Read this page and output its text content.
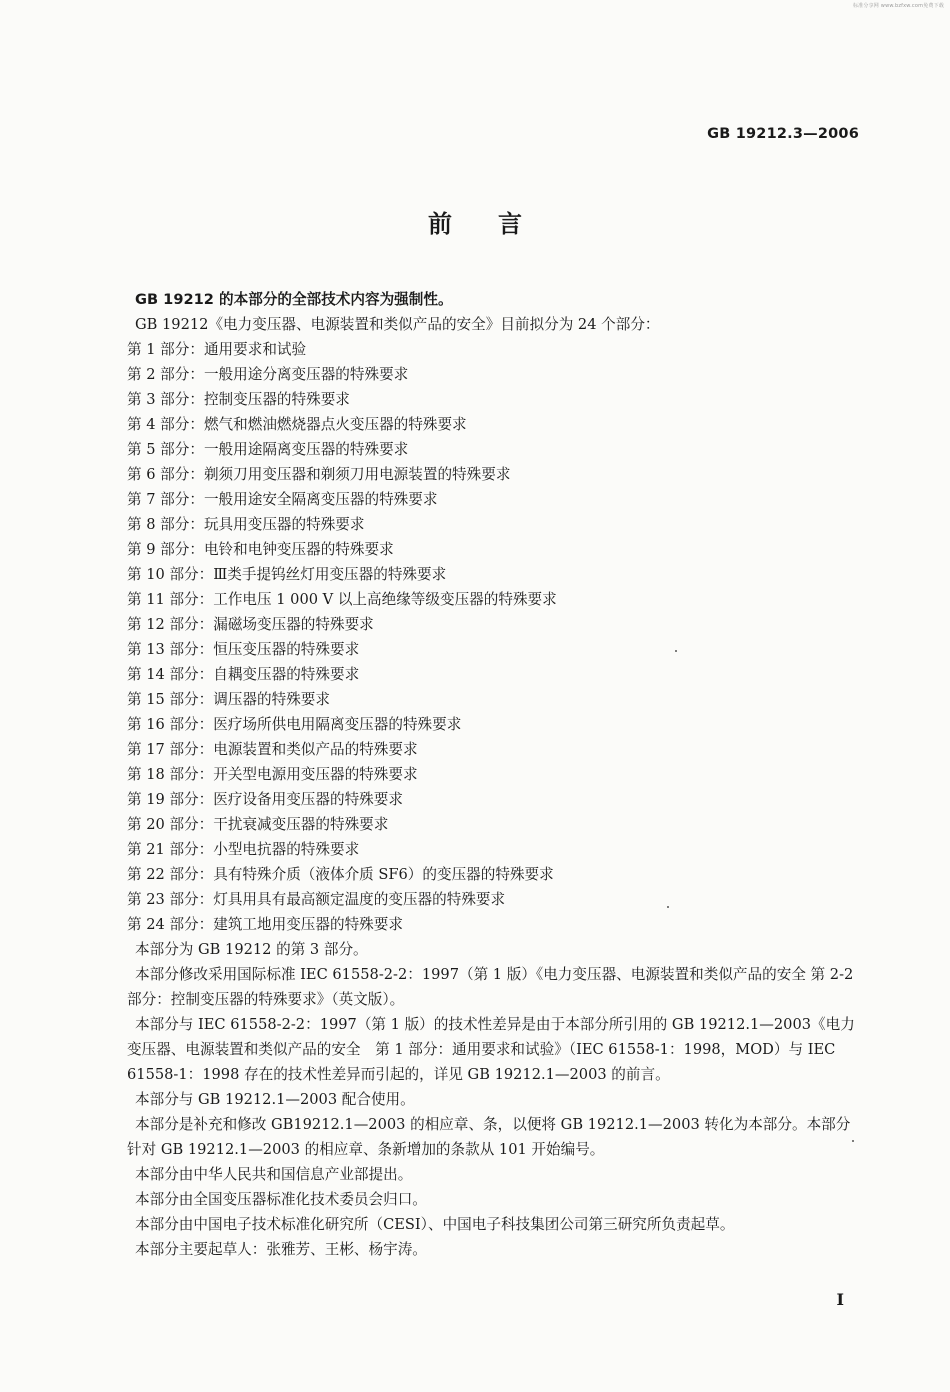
标准分享网 www.bzfxw.com免费下载
GB 19212.3—2006
前言

GB 19212 的本部分的全部技术内容为强制性。

GB 19212《电力变压器、电源装置和类似产品的安全》目前拟分为 24 个部分：

第 1 部分：通用要求和试验

第 2 部分：一般用途分离变压器的特殊要求

第 3 部分：控制变压器的特殊要求

第 4 部分：燃气和燃油燃烧器点火变压器的特殊要求

第 5 部分：一般用途隔离变压器的特殊要求

第 6 部分：剃须刀用变压器和剃须刀用电源装置的特殊要求

第 7 部分：一般用途安全隔离变压器的特殊要求

第 8 部分：玩具用变压器的特殊要求

第 9 部分：电铃和电钟变压器的特殊要求

第 10 部分：Ⅲ类手提钨丝灯用变压器的特殊要求

第 11 部分：工作电压 1 000 V 以上高绝缘等级变压器的特殊要求

第 12 部分：漏磁场变压器的特殊要求

第 13 部分：恒压变压器的特殊要求

第 14 部分：自耦变压器的特殊要求

第 15 部分：调压器的特殊要求

第 16 部分：医疗场所供电用隔离变压器的特殊要求

第 17 部分：电源装置和类似产品的特殊要求

第 18 部分：开关型电源用变压器的特殊要求

第 19 部分：医疗设备用变压器的特殊要求

第 20 部分：干扰衰减变压器的特殊要求

第 21 部分：小型电抗器的特殊要求

第 22 部分：具有特殊介质（液体介质 SF6）的变压器的特殊要求

第 23 部分：灯具用具有最高额定温度的变压器的特殊要求

第 24 部分：建筑工地用变压器的特殊要求

本部分为 GB 19212 的第 3 部分。

本部分修改采用国际标准 IEC 61558-2-2：1997（第 1 版）《电力变压器、电源装置和类似产品的安全 第 2-2 部分：控制变压器的特殊要求》（英文版）。

本部分与 IEC 61558-2-2：1997（第 1 版）的技术性差异是由于本部分所引用的 GB 19212.1—2003《电力变压器、电源装置和类似产品的安全　第 1 部分：通用要求和试验》（IEC 61558-1：1998，MOD）与 IEC 61558-1：1998 存在的技术性差异而引起的，详见 GB 19212.1—2003 的前言。

本部分与 GB 19212.1—2003 配合使用。

本部分是补充和修改 GB19212.1—2003 的相应章、条，以便将 GB 19212.1—2003 转化为本部分。本部分针对 GB 19212.1—2003 的相应章、条新增加的条款从 101 开始编号。

本部分由中华人民共和国信息产业部提出。

本部分由全国变压器标准化技术委员会归口。

本部分由中国电子技术标准化研究所（CESI）、中国电子科技集团公司第三研究所负责起草。

本部分主要起草人：张雅芳、王彬、杨宇涛。

I
